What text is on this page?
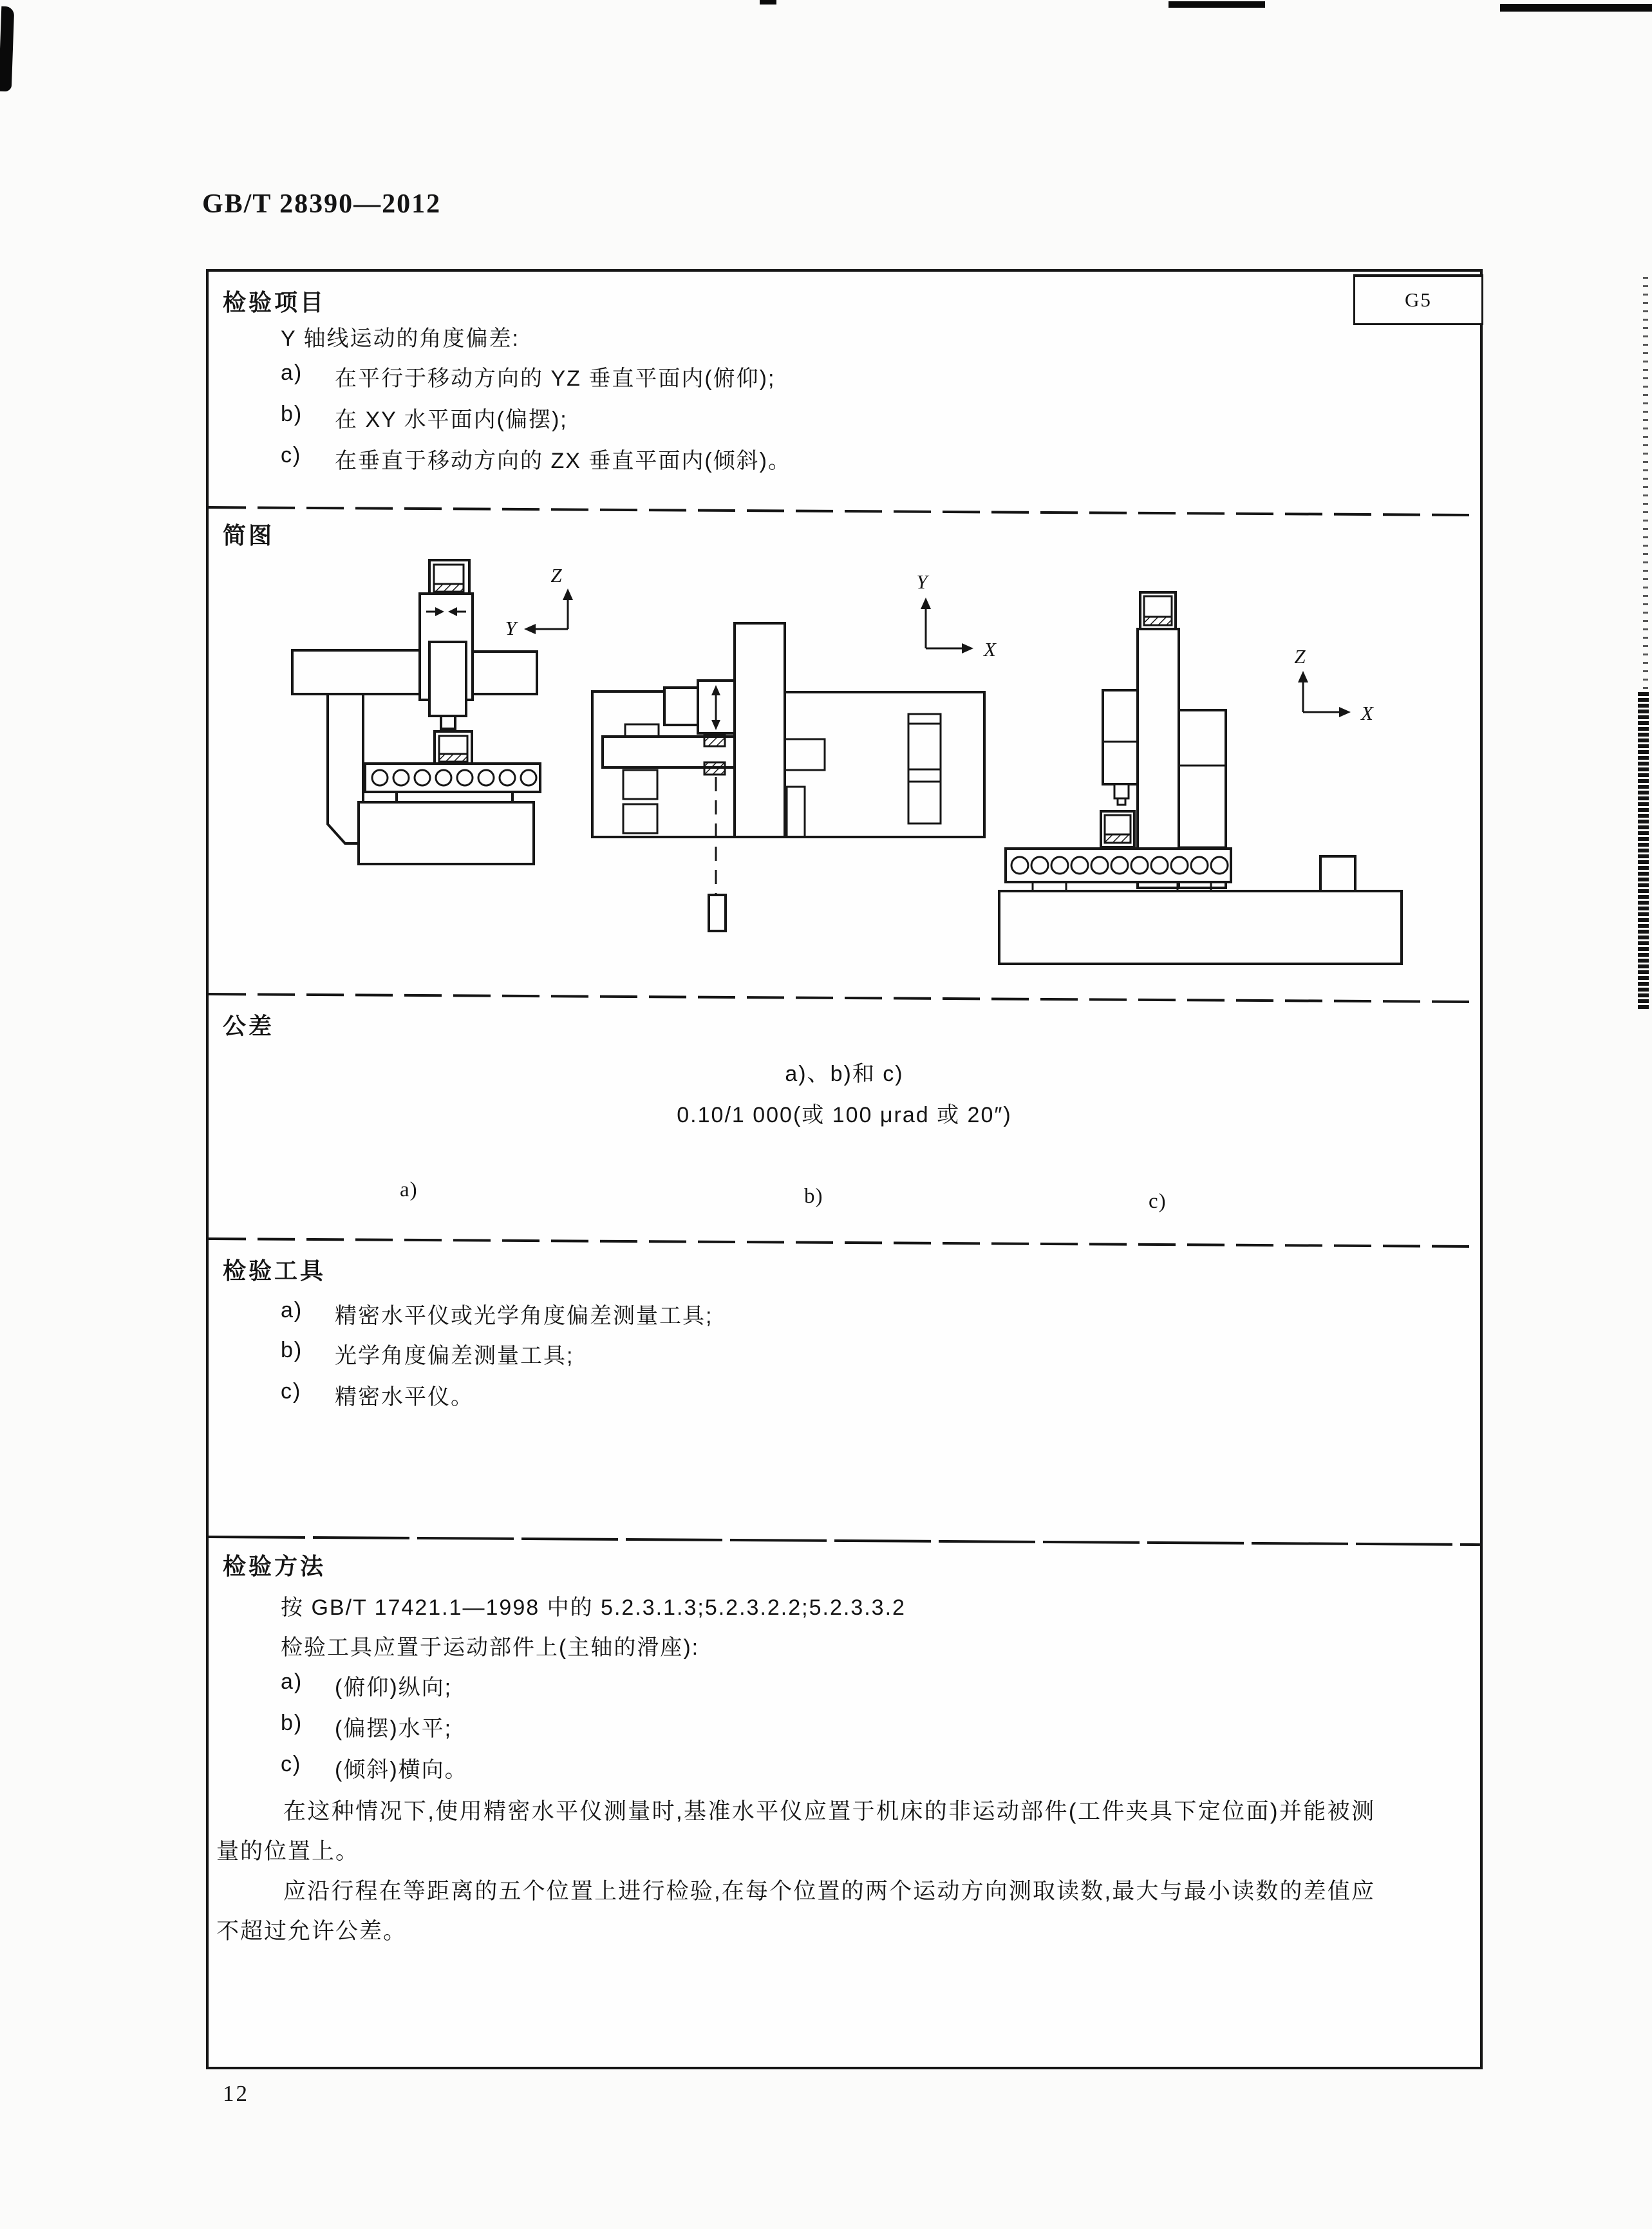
GB/T 28390—2012
G5
检验项目
Y 轴线运动的角度偏差:
a) 在平行于移动方向的 YZ 垂直平面内(俯仰);
b) 在 XY 水平面内(偏摆);
c)	在垂直于移动方向的 ZX 垂直平面内(倾斜)。
简图
Z
Y
Y
X	Z
X
a)	b)	c)
公差
a)、b)和 c)
0.10/1 000(或 100 μrad 或 20″)
检验工具
a) 精密水平仪或光学角度偏差测量工具;
b) 光学角度偏差测量工具;
c)	精密水平仪。
检验方法
按 GB/T 17421.1—1998 中的 5.2.3.1.3;5.2.3.2.2;5.2.3.3.2
检验工具应置于运动部件上(主轴的滑座):
a) (俯仰)纵向;
b) (偏摆)水平;
c)	(倾斜)横向。
在这种情况下,使用精密水平仪测量时,基准水平仪应置于机床的非运动部件(工件夹具下定位面)并能被测量的位置上。
应沿行程在等距离的五个位置上进行检验,在每个位置的两个运动方向测取读数,最大与最小读数的差值应不超过允许公差。
12
